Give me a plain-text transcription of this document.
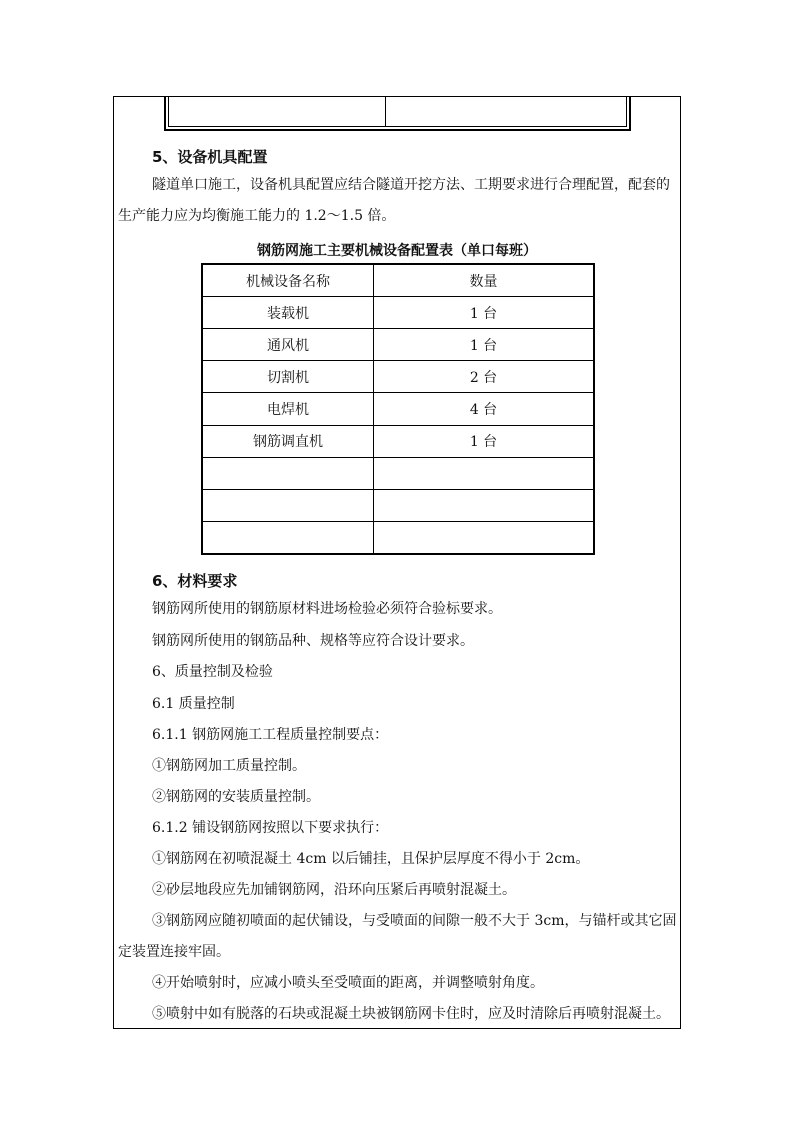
5、设备机具配置
隧道单口施工，设备机具配置应结合隧道开挖方法、工期要求进行合理配置，配套的
生产能力应为均衡施工能力的 1.2～1.5 倍。
钢筋网施工主要机械设备配置表（单口每班）
机械设备名称	数量
装载机	1 台
通风机	1 台
切割机	2 台
电焊机	4 台
钢筋调直机	1 台

6、材料要求
钢筋网所使用的钢筋原材料进场检验必须符合验标要求。
钢筋网所使用的钢筋品种、规格等应符合设计要求。
6、质量控制及检验
6.1 质量控制
6.1.1 钢筋网施工工程质量控制要点：
①钢筋网加工质量控制。
②钢筋网的安装质量控制。
6.1.2 铺设钢筋网按照以下要求执行：
①钢筋网在初喷混凝土 4cm 以后铺挂，且保护层厚度不得小于 2cm。
②砂层地段应先加铺钢筋网，沿环向压紧后再喷射混凝土。
③钢筋网应随初喷面的起伏铺设，与受喷面的间隙一般不大于 3cm，与锚杆或其它固
定装置连接牢固。
④开始喷射时，应减小喷头至受喷面的距离，并调整喷射角度。
⑤喷射中如有脱落的石块或混凝土块被钢筋网卡住时，应及时清除后再喷射混凝土。
